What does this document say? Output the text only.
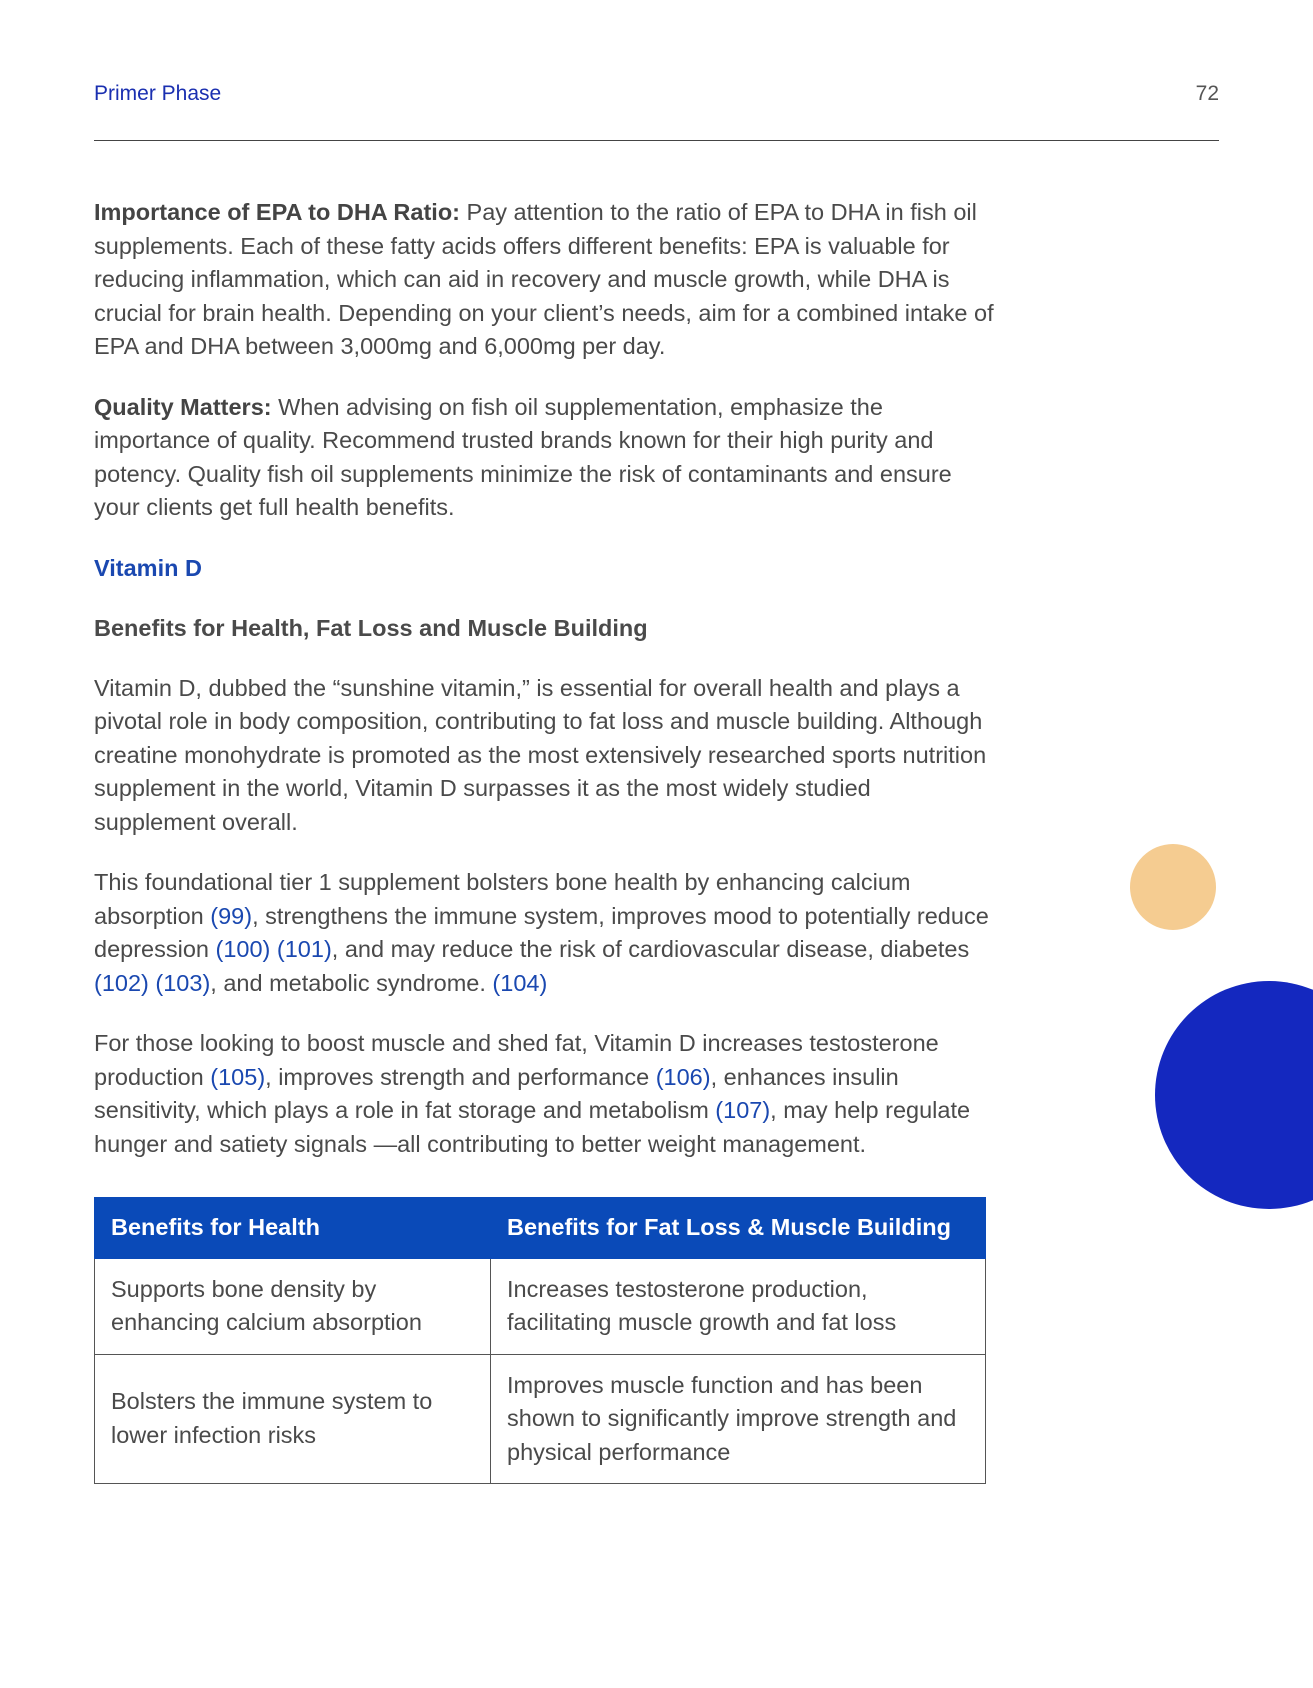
Primer Phase	72

Importance of EPA to DHA Ratio: Pay attention to the ratio of EPA to DHA in fish oil supplements. Each of these fatty acids offers different benefits: EPA is valuable for reducing inflammation, which can aid in recovery and muscle growth, while DHA is crucial for brain health. Depending on your client’s needs, aim for a combined intake of EPA and DHA between 3,000mg and 6,000mg per day.

Quality Matters: When advising on fish oil supplementation, emphasize the importance of quality. Recommend trusted brands known for their high purity and potency. Quality fish oil supplements minimize the risk of contaminants and ensure your clients get full health benefits.

Vitamin D
Benefits for Health, Fat Loss and Muscle Building

Vitamin D, dubbed the “sunshine vitamin,” is essential for overall health and plays a pivotal role in body composition, contributing to fat loss and muscle building. Although creatine monohydrate is promoted as the most extensively researched sports nutrition supplement in the world, Vitamin D surpasses it as the most widely studied supplement overall.

This foundational tier 1 supplement bolsters bone health by enhancing calcium absorption (99), strengthens the immune system, improves mood to potentially reduce depression (100) (101), and may reduce the risk of cardiovascular disease, diabetes (102) (103), and metabolic syndrome. (104)

For those looking to boost muscle and shed fat, Vitamin D increases testosterone production (105), improves strength and performance (106), enhances insulin sensitivity, which plays a role in fat storage and metabolism (107), may help regulate hunger and satiety signals —all contributing to better weight management.

Benefits for Health	Benefits for Fat Loss & Muscle Building
Supports bone density by enhancing calcium absorption	Increases testosterone production, facilitating muscle growth and fat loss
Bolsters the immune system to lower infection risks	Improves muscle function and has been shown to significantly improve strength and physical performance
